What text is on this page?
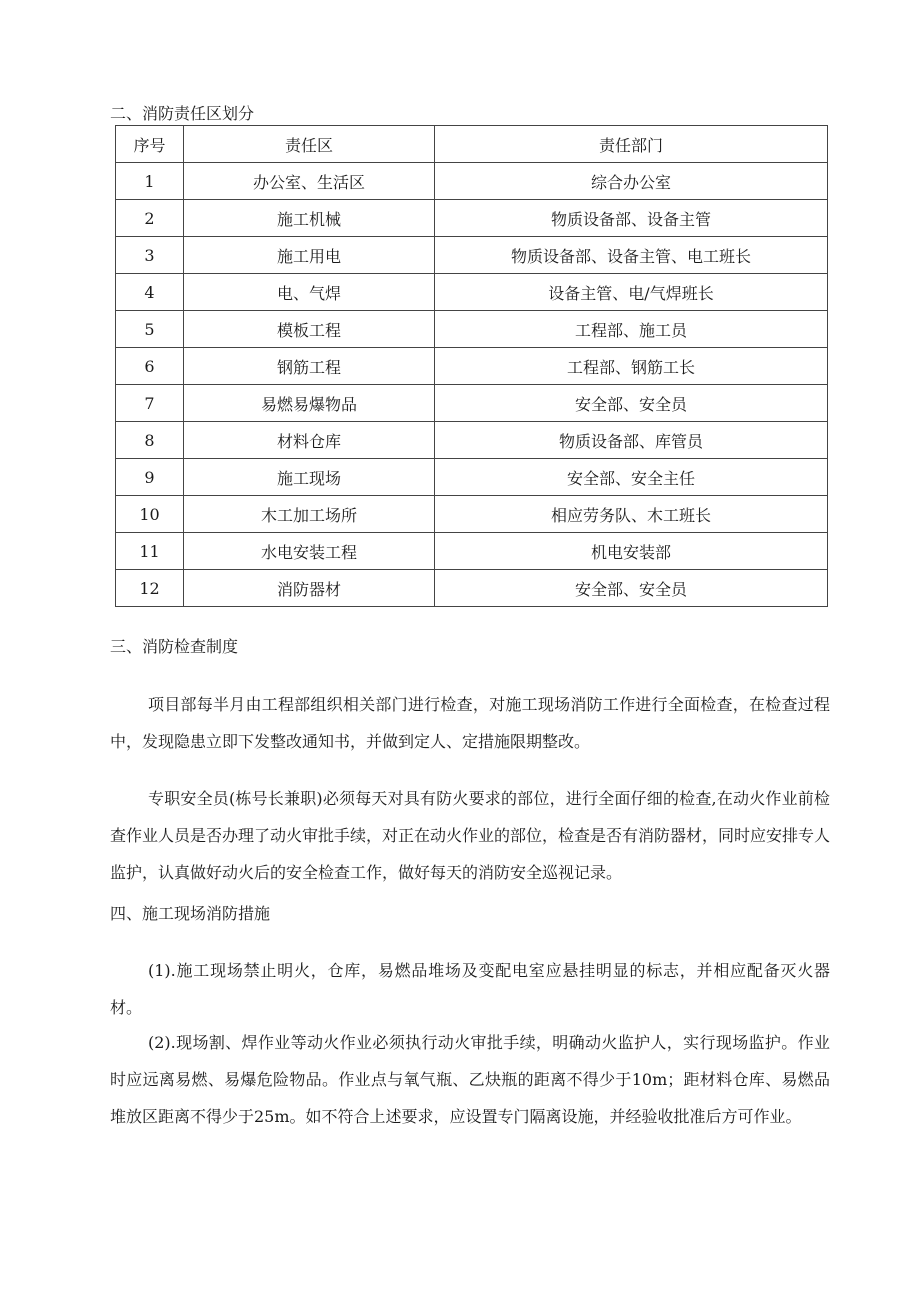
二、消防责任区划分
序号	责任区	责任部门
1	办公室、生活区	综合办公室
2	施工机械	物质设备部、设备主管
3	施工用电	物质设备部、设备主管、电工班长
4	电、气焊	设备主管、电/气焊班长
5	模板工程	工程部、施工员
6	钢筋工程	工程部、钢筋工长
7	易燃易爆物品	安全部、安全员
8	材料仓库	物质设备部、库管员
9	施工现场	安全部、安全主任
10	木工加工场所	相应劳务队、木工班长
11	水电安装工程	机电安装部
12	消防器材	安全部、安全员
三、消防检查制度

项目部每半月由工程部组织相关部门进行检查，对施工现场消防工作进行全面检查，在检查过程中，发现隐患立即下发整改通知书，并做到定人、定措施限期整改。

专职安全员(栋号长兼职)必须每天对具有防火要求的部位，进行全面仔细的检查,在动火作业前检查作业人员是否办理了动火审批手续，对正在动火作业的部位，检查是否有消防器材，同时应安排专人监护，认真做好动火后的安全检查工作，做好每天的消防安全巡视记录。

四、施工现场消防措施

(1).施工现场禁止明火，仓库，易燃品堆场及变配电室应悬挂明显的标志，并相应配备灭火器材。

(2).现场割、焊作业等动火作业必须执行动火审批手续，明确动火监护人，实行现场监护。作业时应远离易燃、易爆危险物品。作业点与氧气瓶、乙炔瓶的距离不得少于10m；距材料仓库、易燃品堆放区距离不得少于25m。如不符合上述要求，应设置专门隔离设施，并经验收批准后方可作业。
